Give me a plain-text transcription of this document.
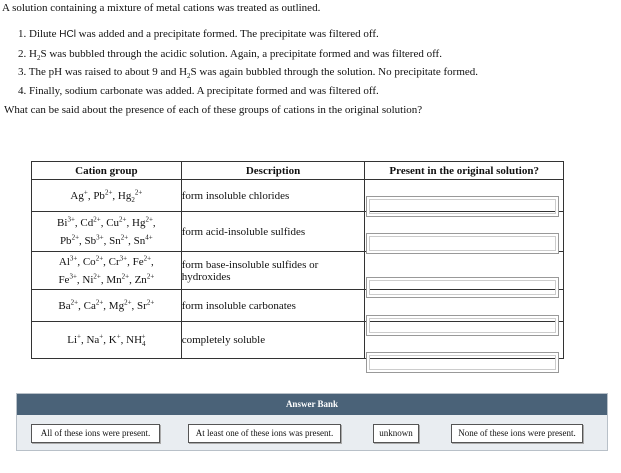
A solution containing a mixture of metal cations was treated as outlined.
1. Dilute HCl was added and a precipitate formed. The precipitate was filtered off.
2. $H_2S$ was bubbled through the acidic solution. Again, a precipitate formed and was filtered off.
3. The pH was raised to about 9 and $H_2S$ was again bubbled through the solution. No precipitate formed.
4. Finally, sodium carbonate was added. A precipitate formed and was filtered off.
What can be said about the presence of each of these groups of cations in the original solution?
Cation group	Description	Present in the original solution?
Ag+, $Pb^{2+}$, $Hg_2^{2+}$	form insoluble chlorides	
$Bi^{3+}$, $Cd^{2+}$, $Cu^{2+}$, $Hg^{2+}$,
$Pb^{2+}$, $Sb^{3+}$, $Sn^{2+}$, $Sn^{4+}$	form acid-insoluble sulfides	
$Al^{3+}$, $Co^{2+}$, $Cr^{3+}$, $Fe^{2+}$,
$Fe^{3+}$, $Ni^{2+}$, $Mn^{2+}$, $Zn^{2+}$	form base-insoluble sulfides or hydroxides	
$Ba^{2+}$, $Ca^{2+}$, $Mg^{2+}$, $Sr^{2+}$	form insoluble carbonates	
Li+, Na+, K+, $NH_4^+$	completely soluble	
Answer Bank
All of these ions were present.	At least one of these ions was present.	unknown	None of these ions were present.
